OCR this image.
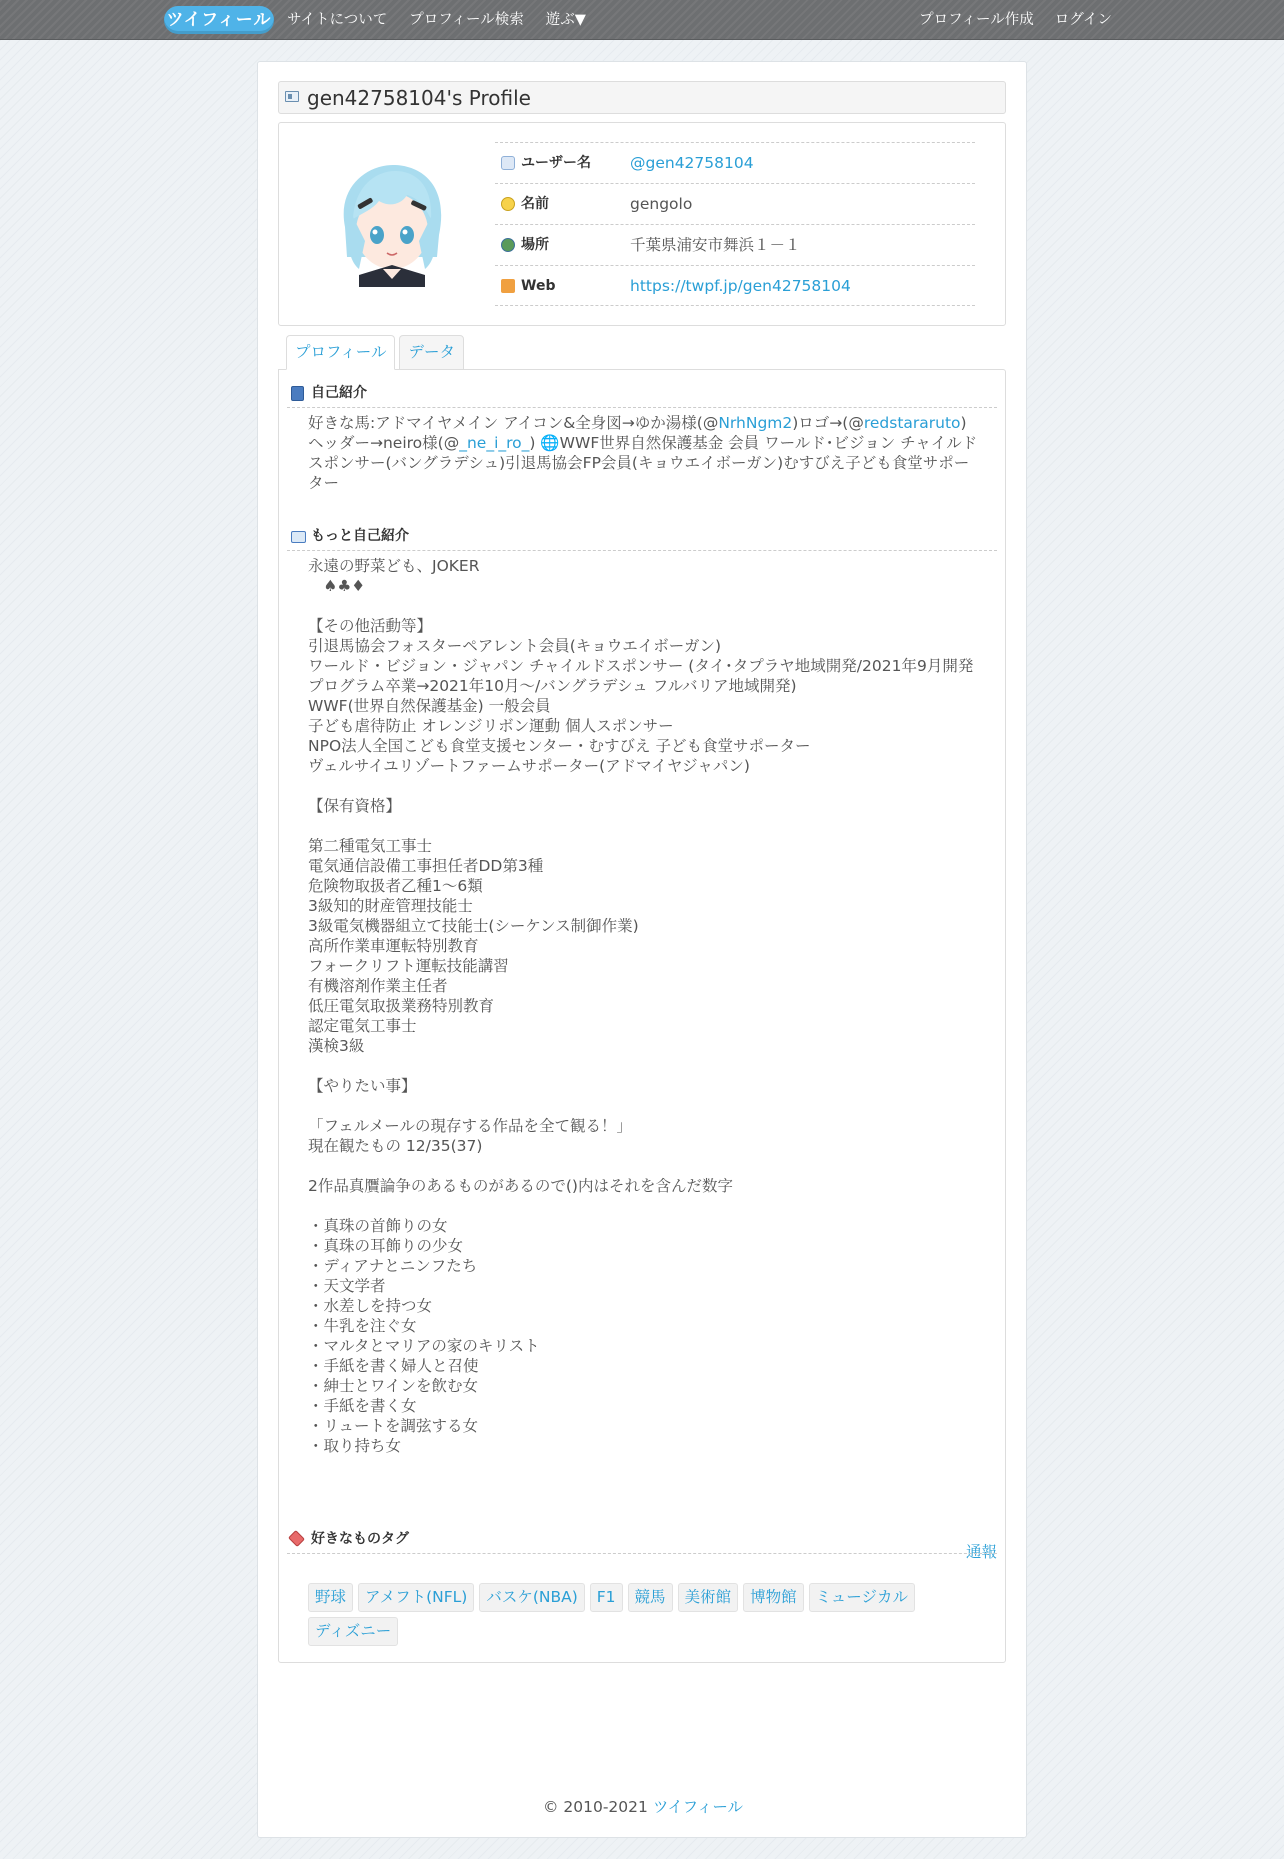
ツイフィール サイトについて プロフィール検索 遊ぶ▼	プロフィール作成 ログイン
gen42758104's Profile
ユーザー名	@gen42758104
名前	gengolo
場所	千葉県浦安市舞浜１－１
Web	https://twpf.jp/gen42758104
プロフィール	データ
自己紹介
好きな馬:アドマイヤメイン アイコン&全身図→ゆか湯様(@NrhNgm2)ロゴ→(@redstararuto)ヘッダー→neiro様(@_ne_i_ro_) 🌐WWF世界自然保護基金 会員 ワールド･ビジョン チャイルドスポンサー(バングラデシュ)引退馬協会FP会員(キョウエイボーガン)むすびえ子ども食堂サポーター
もっと自己紹介
永遠の野菜ども、JOKER
　♠♣♦
【その他活動等】
引退馬協会フォスターペアレント会員(キョウエイボーガン)
ワールド・ビジョン・ジャパン チャイルドスポンサー (タイ･タプラヤ地域開発/2021年9月開発プログラム卒業→2021年10月〜/バングラデシュ フルバリア地域開発)
WWF(世界自然保護基金) 一般会員
子ども虐待防止 オレンジリボン運動 個人スポンサー
NPO法人全国こども食堂支援センター・むすびえ 子ども食堂サポーター
ヴェルサイユリゾートファームサポーター(アドマイヤジャパン)
【保有資格】
第二種電気工事士
電気通信設備工事担任者DD第3種
危険物取扱者乙種1〜6類
3級知的財産管理技能士
3級電気機器組立て技能士(シーケンス制御作業)
高所作業車運転特別教育
フォークリフト運転技能講習
有機溶剤作業主任者
低圧電気取扱業務特別教育
認定電気工事士
漢検3級
【やりたい事】
「フェルメールの現存する作品を全て観る！」
現在観たもの 12/35(37)
2作品真贋論争のあるものがあるので()内はそれを含んだ数字
・真珠の首飾りの女
・真珠の耳飾りの少女
・ディアナとニンフたち
・天文学者
・水差しを持つ女
・牛乳を注ぐ女
・マルタとマリアの家のキリスト
・手紙を書く婦人と召使
・紳士とワインを飲む女
・手紙を書く女
・リュートを調弦する女
・取り持ち女
通報
好きなものタグ
野球	アメフト(NFL)	バスケ(NBA)	F1	競馬	美術館	博物館	ミュージカル
ディズニー
© 2010-2021 ツイフィール
